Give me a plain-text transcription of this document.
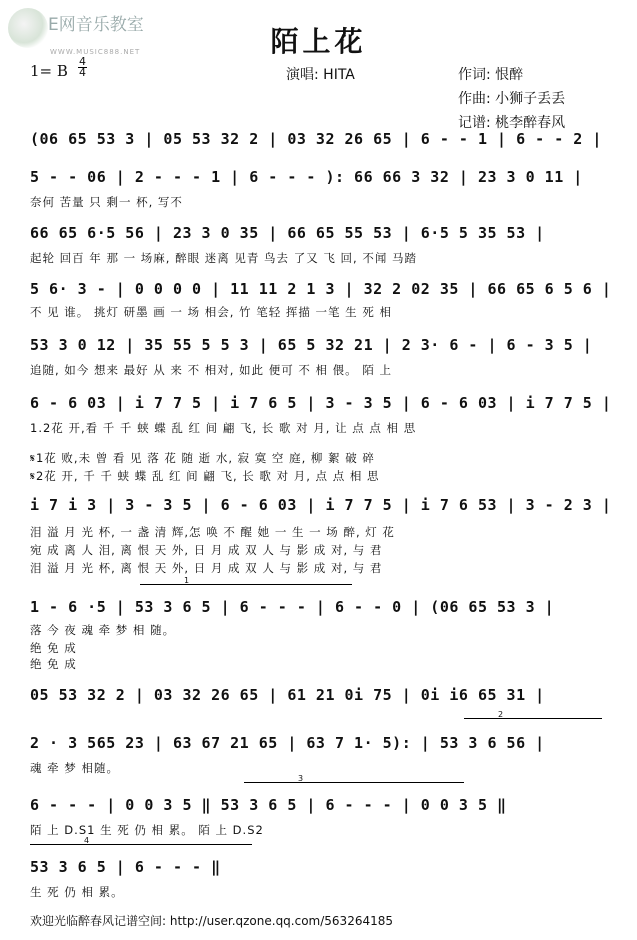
E网音乐教室
WWW.MUSIC888.NET	陌上花
1= B
4
4	演唱: HITA	作词: 恨醉
作曲: 小狮子丢丢
记谱: 桃李醉春风
(06 65 53 3 | 05 53 32 2 | 03 32 26 65 | 6 - - 1 | 6 - - 2 |
5 - - 06 | 2 - - - 1 | 6 - - - ): 66 66 3 32 | 23 3 0 11 |
奈何 苦量 只 剩一 杯, 写不
66 65 6·5 56 | 23 3 0 35 | 66 65 55 53 | 6·5 5 35 53 |
起轮 回百 年 那 一 场麻, 醉眼 迷离 见青 鸟去 了又 飞 回, 不闻 马踏
5 6· 3 - | 0 0 0 0 | 11 11 2 1 3 | 32 2 02 35 | 66 65 6 5 6 |
不 见 谁。 挑灯 研墨 画 一 场 相会, 竹 笔轻 挥描 一笔 生 死 相
53 3 0 12 | 35 55 5 5 3 | 65 5 32 21 | 2 3· 6 - | 6 - 3 5 |
追随, 如今 想来 最好 从 来 不 相对, 如此 便可 不 相 偎。 陌 上
6 - 6 03 | i 7 7 5 | i 7 6 5 | 3 - 3 5 | 6 - 6 03 | i 7 7 5 |
1.2花 开,看 千 千 蛱 蝶 乱 红 间 翩 飞, 长 歌 对 月, 让 点 点 相 思
𝄋1花 败,未 曾 看 见 落 花 随 逝 水, 寂 寞 空 庭, 柳 絮 破 碎
𝄋2花 开, 千 千 蛱 蝶 乱 红 间 翩 飞, 长 歌 对 月, 点 点 相 思
i 7 i 3 | 3 - 3 5 | 6 - 6 03 | i 7 7 5 | i 7 6 53 | 3 - 2 3 |
泪 溢 月 光 杯, 一 盏 清 辉,怎 唤 不 醒 她 一 生 一 场 醉, 灯 花
宛 成 离 人 泪, 离 恨 天 外, 日 月 成 双 人 与 影 成 对, 与 君
泪 溢 月 光 杯, 离 恨 天 外, 日 月 成 双 人 与 影 成 对, 与 君
1
1 - 6 ·5 | 53 3 6 5 | 6 - - - | 6 - - 0 | (06 65 53 3 |
落 今 夜 魂 牵 梦 相 随。
绝 免 成
绝 免 成
05 53 32 2 | 03 32 26 65 | 61 21 0i 75 | 0i i6 65 31 |
2
2 · 3 565 23 | 63 67 21 65 | 63 7 1· 5): | 53 3 6 56 |
魂 牵 梦 相随。
3
6 - - - | 0 0 3 5 ‖ 53 3 6 5 | 6 - - - | 0 0 3 5 ‖
陌 上 D.S1 生 死 仍 相 累。 陌 上 D.S2
4
53 3 6 5 | 6 - - - ‖
生 死 仍 相 累。
欢迎光临醉春风记谱空间: http://user.qzone.qq.com/563264185
